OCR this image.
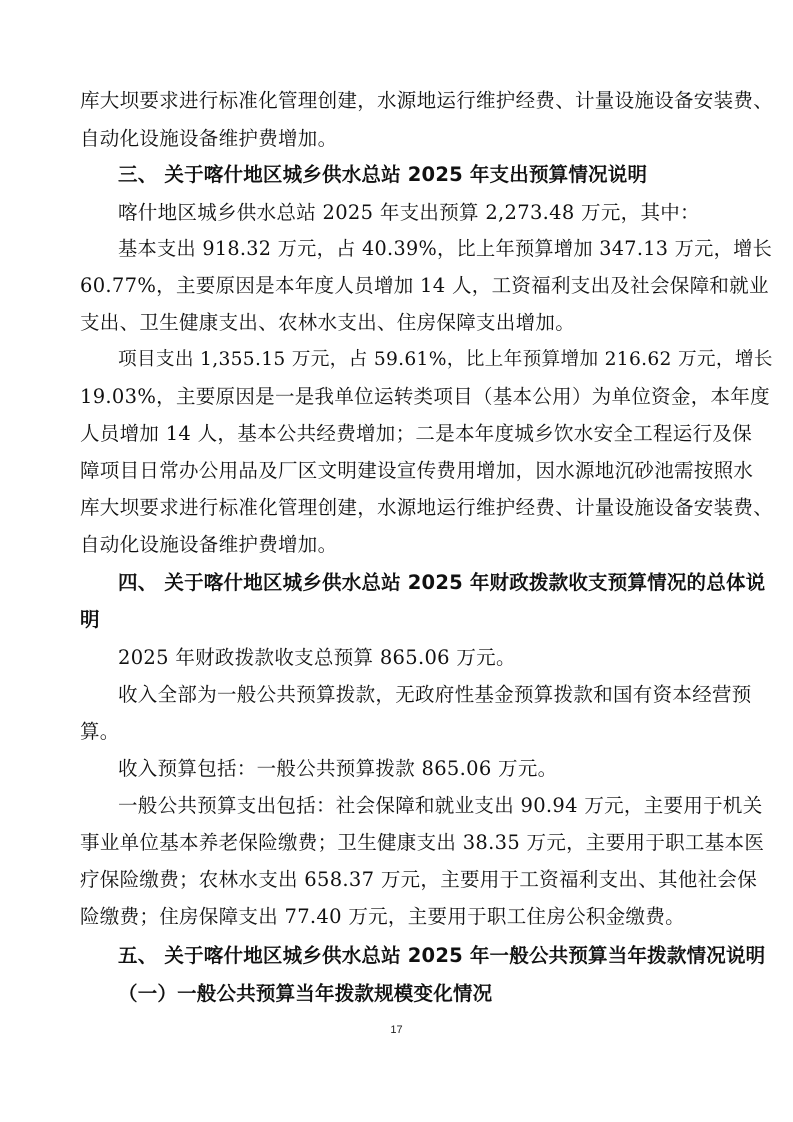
库大坝要求进行标准化管理创建，水源地运行维护经费、计量设施设备安装费、
自动化设施设备维护费增加。
三、 关于喀什地区城乡供水总站 2025 年支出预算情况说明
喀什地区城乡供水总站 2025 年支出预算 2,273.48 万元，其中：
基本支出 918.32 万元，占 40.39%，比上年预算增加 347.13 万元，增长
60.77%，主要原因是本年度人员增加 14 人，工资福利支出及社会保障和就业
支出、卫生健康支出、农林水支出、住房保障支出增加。
项目支出 1,355.15 万元，占 59.61%，比上年预算增加 216.62 万元，增长
19.03%，主要原因是一是我单位运转类项目（基本公用）为单位资金，本年度
人员增加 14 人，基本公共经费增加；二是本年度城乡饮水安全工程运行及保
障项目日常办公用品及厂区文明建设宣传费用增加，因水源地沉砂池需按照水
库大坝要求进行标准化管理创建，水源地运行维护经费、计量设施设备安装费、
自动化设施设备维护费增加。
四、 关于喀什地区城乡供水总站 2025 年财政拨款收支预算情况的总体说
明
2025 年财政拨款收支总预算 865.06 万元。
收入全部为一般公共预算拨款，无政府性基金预算拨款和国有资本经营预
算。
收入预算包括：一般公共预算拨款 865.06 万元。
一般公共预算支出包括：社会保障和就业支出 90.94 万元，主要用于机关
事业单位基本养老保险缴费；卫生健康支出 38.35 万元，主要用于职工基本医
疗保险缴费；农林水支出 658.37 万元，主要用于工资福利支出、其他社会保
险缴费；住房保障支出 77.40 万元，主要用于职工住房公积金缴费。
五、 关于喀什地区城乡供水总站 2025 年一般公共预算当年拨款情况说明
（一）一般公共预算当年拨款规模变化情况
17
